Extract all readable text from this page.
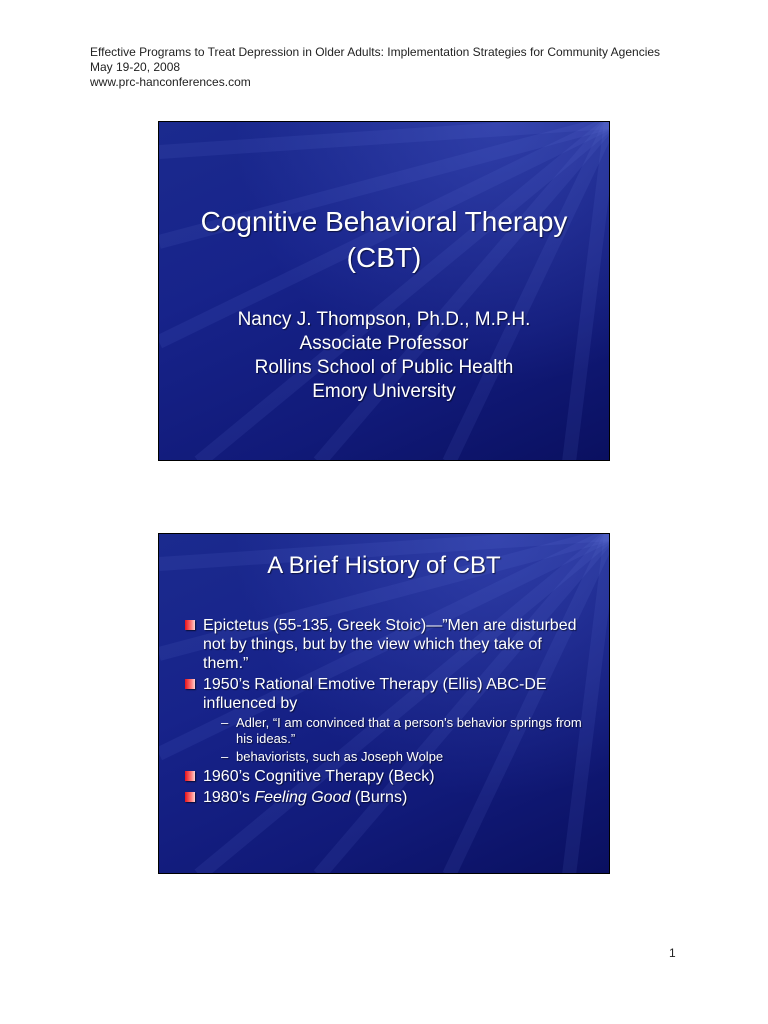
Effective Programs to Treat Depression in Older Adults: Implementation Strategies for Community Agencies
May 19-20, 2008
www.prc-hanconferences.com
Cognitive Behavioral Therapy
(CBT)
Nancy J. Thompson, Ph.D., M.P.H.
Associate Professor
Rollins School of Public Health
Emory University
A Brief History of CBT
Epictetus (55-135, Greek Stoic)—”Men are disturbed not by things, but by the view which they take of them.”
1950’s Rational Emotive Therapy (Ellis) ABC-DE influenced by
– Adler, “I am convinced that a person's behavior springs from his ideas.”
– behaviorists, such as Joseph Wolpe
1960’s Cognitive Therapy (Beck)
1980’s Feeling Good (Burns)
1
